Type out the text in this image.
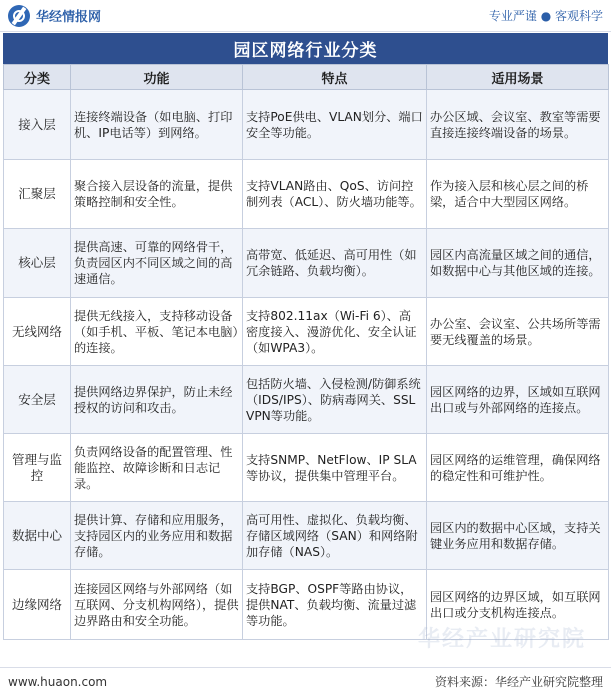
华经情报网	专业严谨 ● 客观科学
园区网络行业分类
分类	功能	特点	适用场景
接入层	连接终端设备（如电脑、打印机、IP电话等）到网络。	支持PoE供电、VLAN划分、端口安全等功能。	办公区域、会议室、教室等需要直接连接终端设备的场景。
汇聚层	聚合接入层设备的流量，提供策略控制和安全性。	支持VLAN路由、QoS、访问控制列表（ACL）、防火墙功能等。	作为接入层和核心层之间的桥梁，适合中大型园区网络。
核心层	提供高速、可靠的网络骨干，负责园区内不同区域之间的高速通信。	高带宽、低延迟、高可用性（如冗余链路、负载均衡）。	园区内高流量区域之间的通信，如数据中心与其他区域的连接。
无线网络	提供无线接入，支持移动设备（如手机、平板、笔记本电脑）的连接。	支持802.11ax（Wi-Fi 6）、高密度接入、漫游优化、安全认证（如WPA3）。	办公室、会议室、公共场所等需要无线覆盖的场景。
安全层	提供网络边界保护，防止未经授权的访问和攻击。	包括防火墙、入侵检测/防御系统（IDS/IPS）、防病毒网关、SSL VPN等功能。	园区网络的边界，区域如互联网出口或与外部网络的连接点。
管理与监控	负责网络设备的配置管理、性能监控、故障诊断和日志记录。	支持SNMP、NetFlow、IP SLA等协议，提供集中管理平台。	园区网络的运维管理，确保网络的稳定性和可维护性。
数据中心	提供计算、存储和应用服务，支持园区内的业务应用和数据存储。	高可用性、虚拟化、负载均衡、存储区域网络（SAN）和网络附加存储（NAS）。	园区内的数据中心区域，支持关键业务应用和数据存储。
边缘网络	连接园区网络与外部网络（如互联网、分支机构网络），提供边界路由和安全功能。	支持BGP、OSPF等路由协议，提供NAT、负载均衡、流量过滤等功能。	园区网络的边界区域，如互联网出口或分支机构连接点。
华经产业研究院
www.huaon.com	资料来源：华经产业研究院整理
